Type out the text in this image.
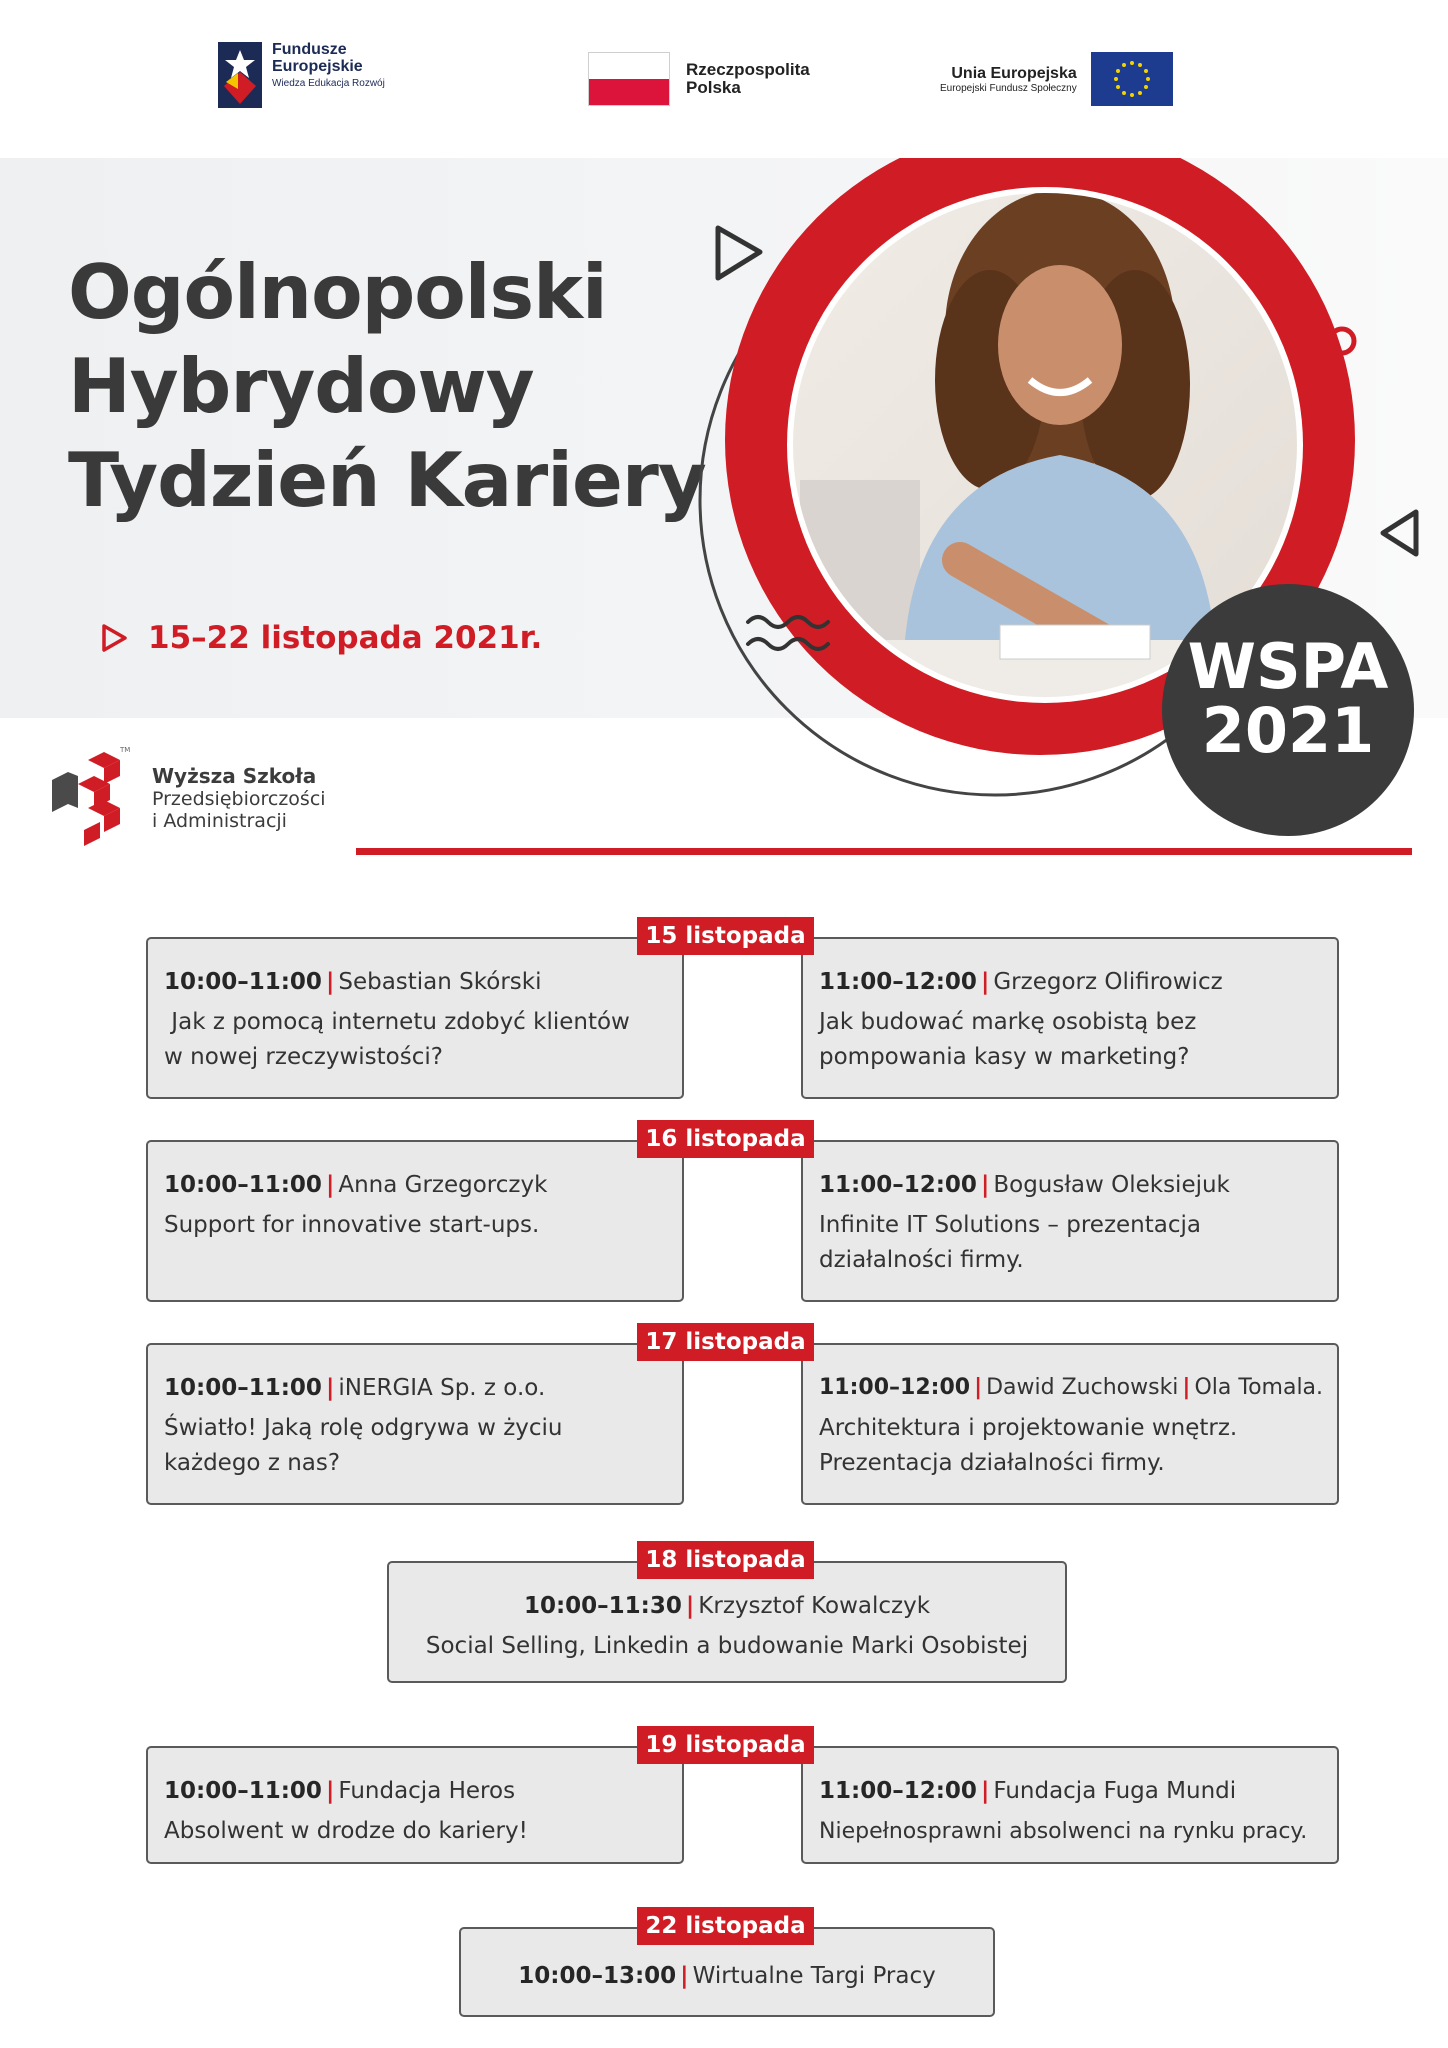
Fundusze
Europejskie
Wiedza Edukacja Rozwój
Rzeczpospolita
Polska
Unia Europejska
Europejski Fundusz Społeczny
Ogólnopolski
Hybrydowy
Tydzień Kariery
15–22 listopada 2021r.	WSPA
2021
TM
Wyższa Szkoła
Przedsiębiorczości
i Administracji
15 listopada
10:00–11:00 | Sebastian Skórski
Jak z pomocą internetu zdobyć klientów
w nowej rzeczywistości?
11:00–12:00 | Grzegorz Olifirowicz
Jak budować markę osobistą bez
pompowania kasy w marketing?
16 listopada
10:00–11:00 | Anna Grzegorczyk
Support for innovative start-ups.
11:00–12:00 | Bogusław Oleksiejuk
Infinite IT Solutions – prezentacja
działalności firmy.
17 listopada
10:00–11:00 | iNERGIA Sp. z o.o.
Światło! Jaką rolę odgrywa w życiu
każdego z nas?
11:00–12:00 | Dawid Zuchowski | Ola Tomala.
Architektura i projektowanie wnętrz.
Prezentacja działalności firmy.
18 listopada
10:00–11:30 | Krzysztof Kowalczyk
Social Selling, Linkedin a budowanie Marki Osobistej
19 listopada
10:00–11:00 | Fundacja Heros
Absolwent w drodze do kariery!
11:00–12:00 | Fundacja Fuga Mundi
Niepełnosprawni absolwenci na rynku pracy.
22 listopada
10:00–13:00 | Wirtualne Targi Pracy
